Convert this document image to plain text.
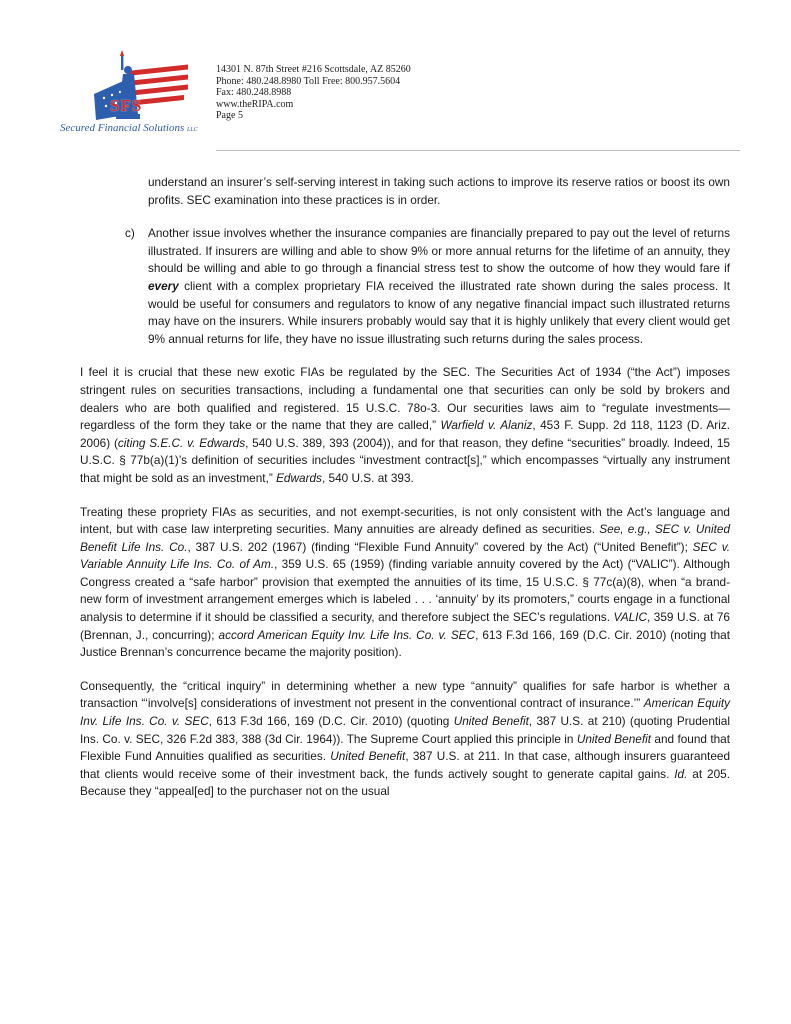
SFS
Secured Financial Solutions LLC
14301 N. 87th Street #216 Scottsdale, AZ 85260
Phone: 480.248.8980 Toll Free: 800.957.5604
Fax: 480.248.8988
www.theRIPA.com
Page 5

understand an insurer’s self-serving interest in taking such actions to improve its reserve ratios or boost its own profits. SEC examination into these practices is in order.

c) Another issue involves whether the insurance companies are financially prepared to pay out the level of returns illustrated. If insurers are willing and able to show 9% or more annual returns for the lifetime of an annuity, they should be willing and able to go through a financial stress test to show the outcome of how they would fare if every client with a complex proprietary FIA received the illustrated rate shown during the sales process. It would be useful for consumers and regulators to know of any negative financial impact such illustrated returns may have on the insurers. While insurers probably would say that it is highly unlikely that every client would get 9% annual returns for life, they have no issue illustrating such returns during the sales process.

I feel it is crucial that these new exotic FIAs be regulated by the SEC. The Securities Act of 1934 (“the Act”) imposes stringent rules on securities transactions, including a fundamental one that securities can only be sold by brokers and dealers who are both qualified and registered. 15 U.S.C. 78o-3. Our securities laws aim to “regulate investments—regardless of the form they take or the name that they are called,” Warfield v. Alaniz, 453 F. Supp. 2d 118, 1123 (D. Ariz. 2006) (citing S.E.C. v. Edwards, 540 U.S. 389, 393 (2004)), and for that reason, they define “securities” broadly. Indeed, 15 U.S.C. § 77b(a)(1)’s definition of securities includes “investment contract[s],” which encompasses “virtually any instrument that might be sold as an investment,” Edwards, 540 U.S. at 393.

Treating these propriety FIAs as securities, and not exempt-securities, is not only consistent with the Act’s language and intent, but with case law interpreting securities. Many annuities are already defined as securities. See, e.g., SEC v. United Benefit Life Ins. Co., 387 U.S. 202 (1967) (finding “Flexible Fund Annuity” covered by the Act) (“United Benefit”); SEC v. Variable Annuity Life Ins. Co. of Am., 359 U.S. 65 (1959) (finding variable annuity covered by the Act) (“VALIC”). Although Congress created a “safe harbor” provision that exempted the annuities of its time, 15 U.S.C. § 77c(a)(8), when “a brand-new form of investment arrangement emerges which is labeled . . . ‘annuity’ by its promoters,” courts engage in a functional analysis to determine if it should be classified a security, and therefore subject the SEC’s regulations. VALIC, 359 U.S. at 76 (Brennan, J., concurring); accord American Equity Inv. Life Ins. Co. v. SEC, 613 F.3d 166, 169 (D.C. Cir. 2010) (noting that Justice Brennan’s concurrence became the majority position).

Consequently, the “critical inquiry” in determining whether a new type “annuity” qualifies for safe harbor is whether a transaction “‘involve[s] considerations of investment not present in the conventional contract of insurance.’” American Equity Inv. Life Ins. Co. v. SEC, 613 F.3d 166, 169 (D.C. Cir. 2010) (quoting United Benefit, 387 U.S. at 210) (quoting Prudential Ins. Co. v. SEC, 326 F.2d 383, 388 (3d Cir. 1964)). The Supreme Court applied this principle in United Benefit and found that Flexible Fund Annuities qualified as securities. United Benefit, 387 U.S. at 211. In that case, although insurers guaranteed that clients would receive some of their investment back, the funds actively sought to generate capital gains. Id. at 205. Because they “appeal[ed] to the purchaser not on the usual
